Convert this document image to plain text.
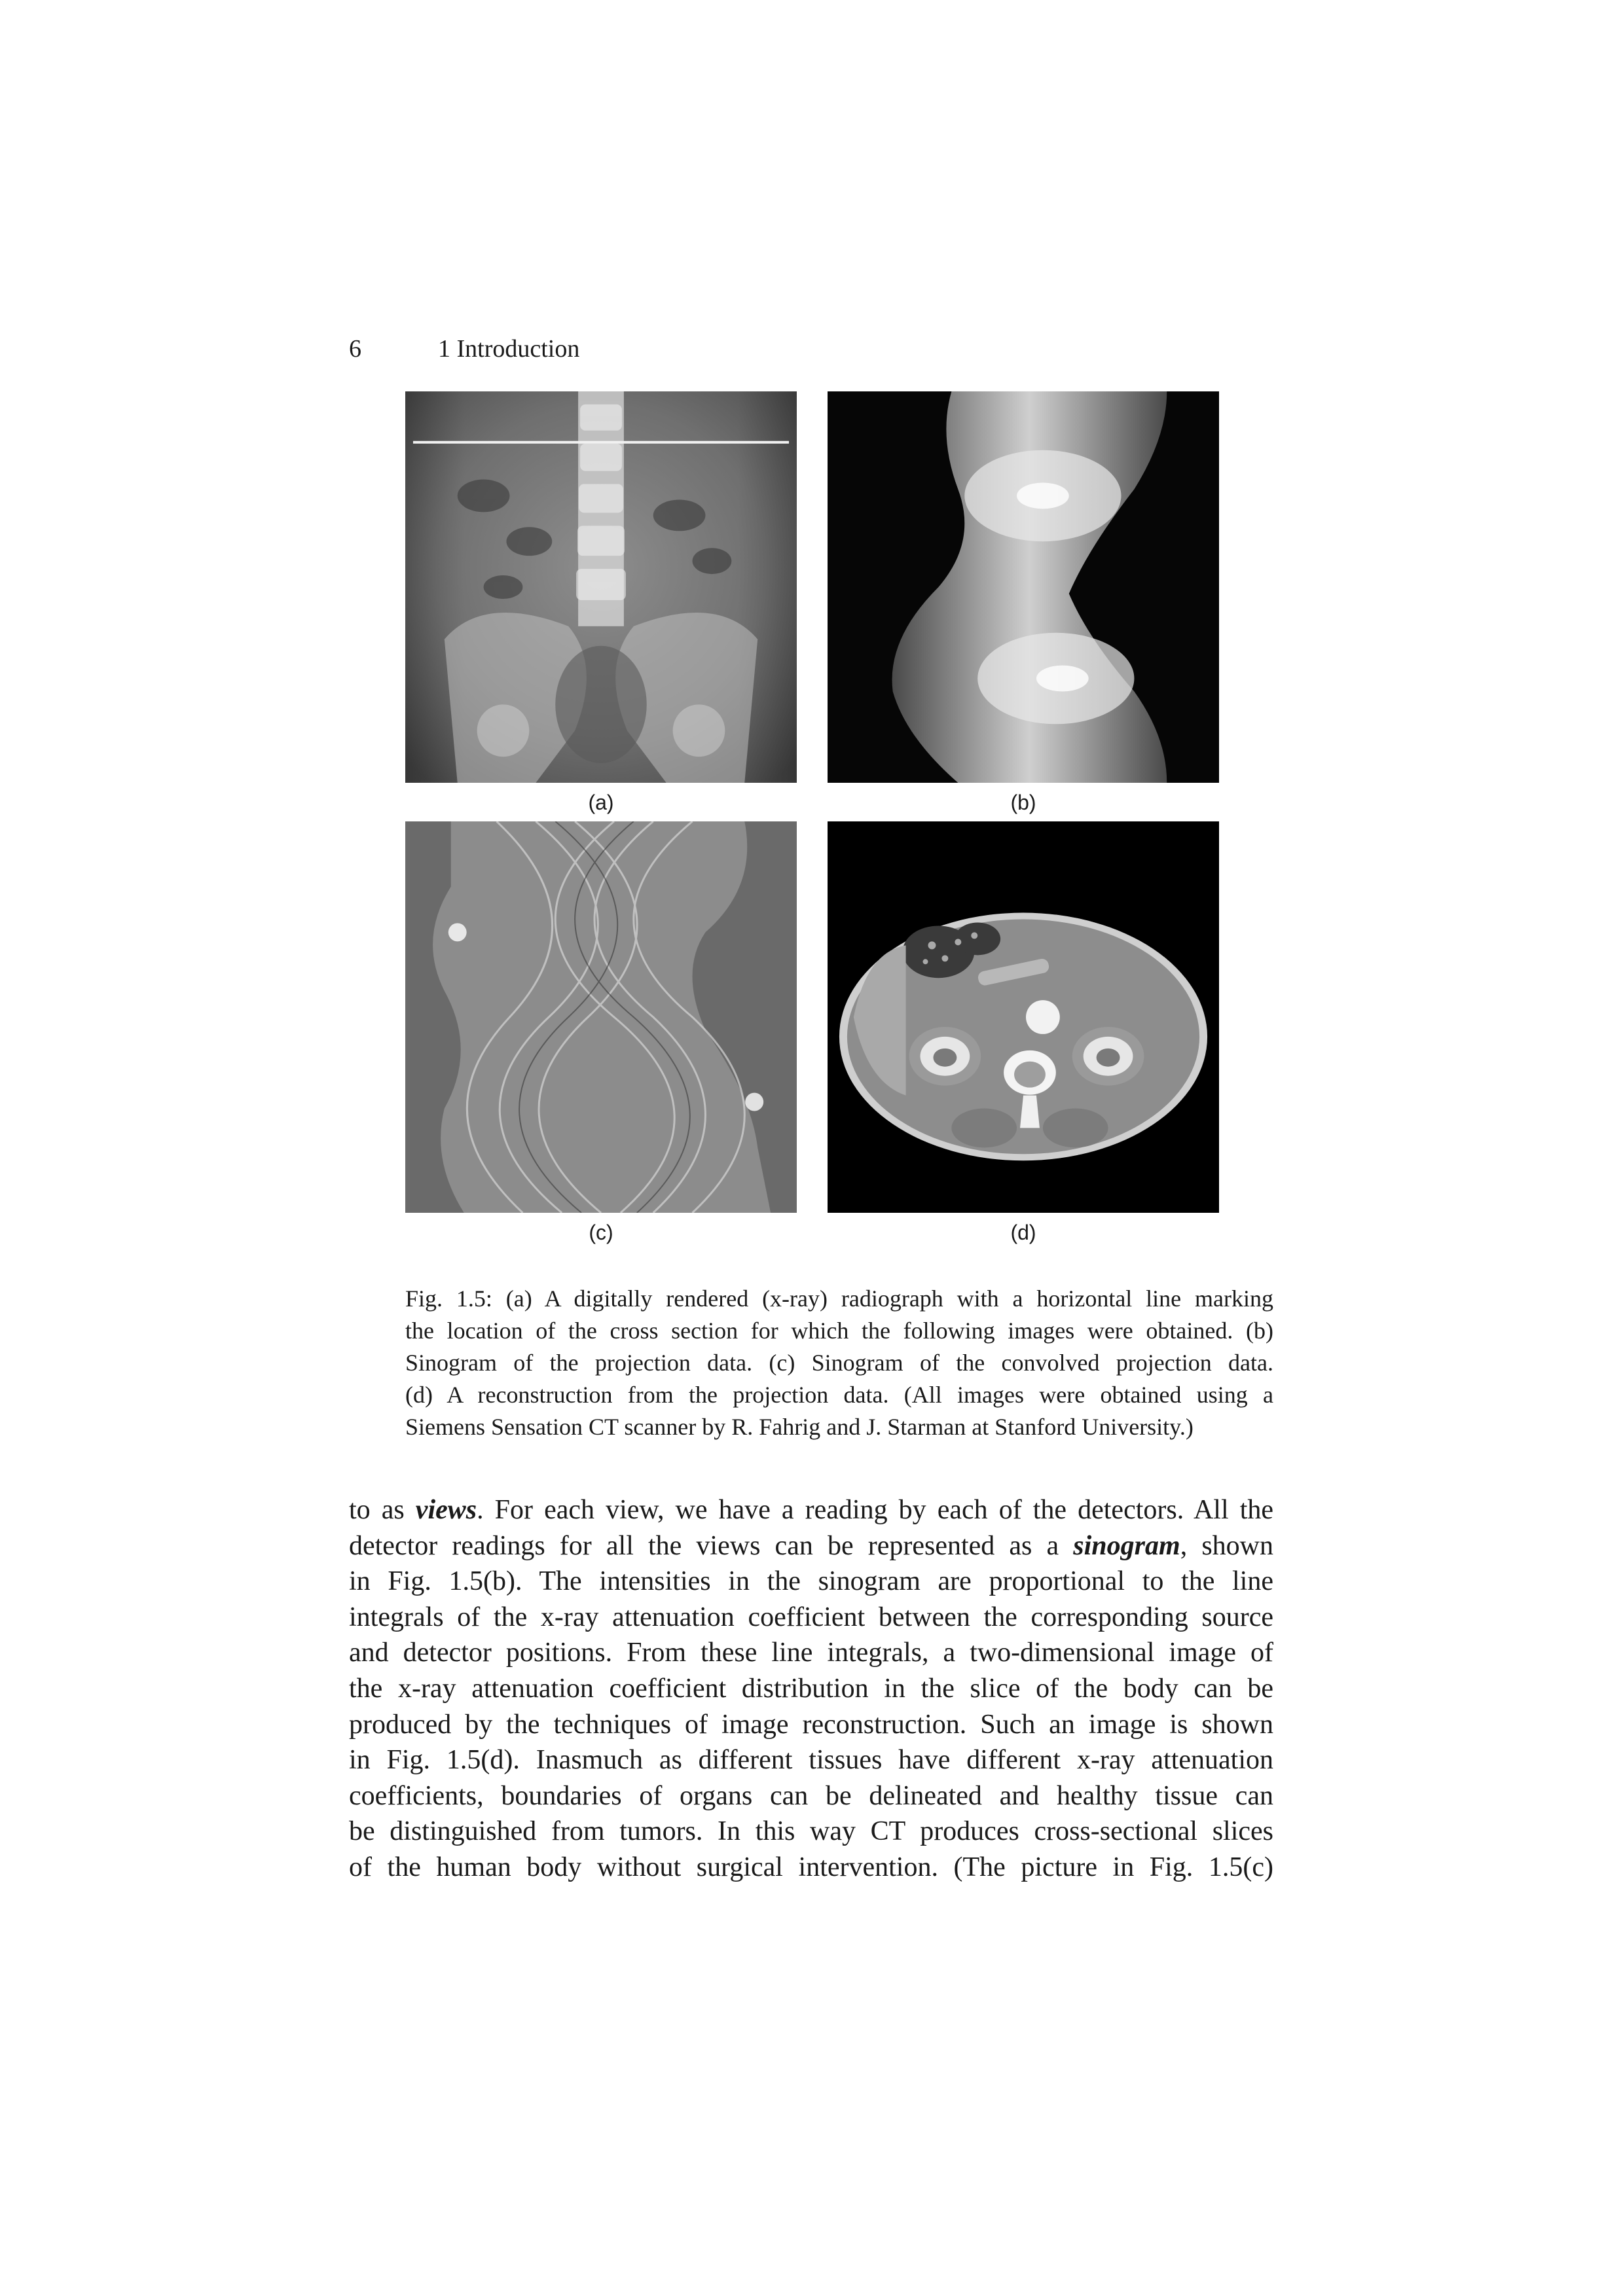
6	1 Introduction
(a)	(b)
(c)	(d)
Fig. 1.5: (a) A digitally rendered (x-ray) radiograph with a horizontal line marking
the location of the cross section for which the following images were obtained. (b)
Sinogram of the projection data. (c) Sinogram of the convolved projection data.
(d) A reconstruction from the projection data. (All images were obtained using a
Siemens Sensation CT scanner by R. Fahrig and J. Starman at Stanford University.)
to as views. For each view, we have a reading by each of the detectors. All the
detector readings for all the views can be represented as a sinogram, shown
in Fig. 1.5(b). The intensities in the sinogram are proportional to the line
integrals of the x-ray attenuation coefficient between the corresponding source
and detector positions. From these line integrals, a two-dimensional image of
the x-ray attenuation coefficient distribution in the slice of the body can be
produced by the techniques of image reconstruction. Such an image is shown
in Fig. 1.5(d). Inasmuch as different tissues have different x-ray attenuation
coefficients, boundaries of organs can be delineated and healthy tissue can
be distinguished from tumors. In this way CT produces cross-sectional slices
of the human body without surgical intervention. (The picture in Fig. 1.5(c)
